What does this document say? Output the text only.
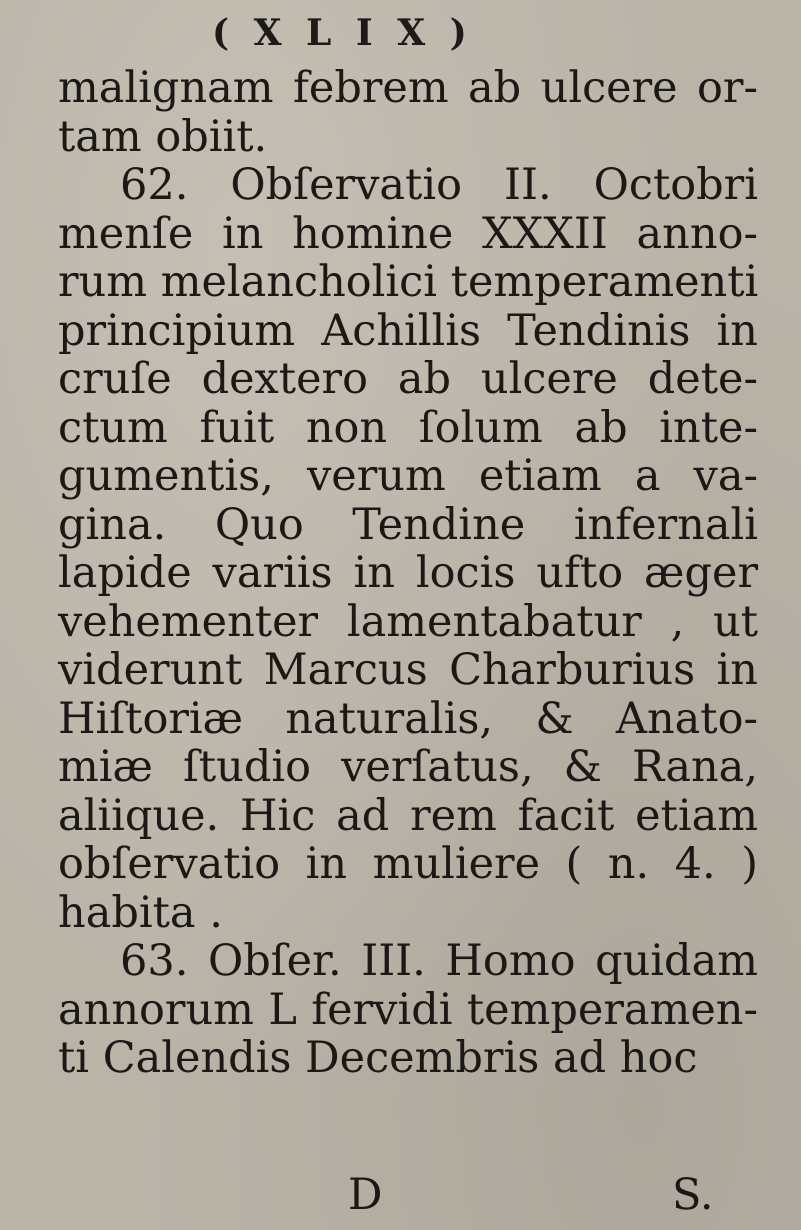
( X L I X )
malignam febrem ab ulcere or-
tam obiit.
62. Obſervatio II. Octobri
menſe in homine XXXII anno-
rum melancholici temperamenti
principium Achillis Tendinis in
cruſe dextero ab ulcere dete-
ctum fuit non ſolum ab inte-
gumentis, verum etiam a va-
gina. Quo Tendine infernali
lapide variis in locis ufto æger
vehementer lamentabatur , ut
viderunt Marcus Charburius in
Hiſtoriæ naturalis, & Anato-
miæ ſtudio verſatus, & Rana,
aliique. Hic ad rem facit etiam
obſervatio in muliere ( n. 4. )
habita .
63. Obſer. III. Homo quidam
annorum L fervidi temperamen-
ti Calendis Decembris ad hoc
D	S.
